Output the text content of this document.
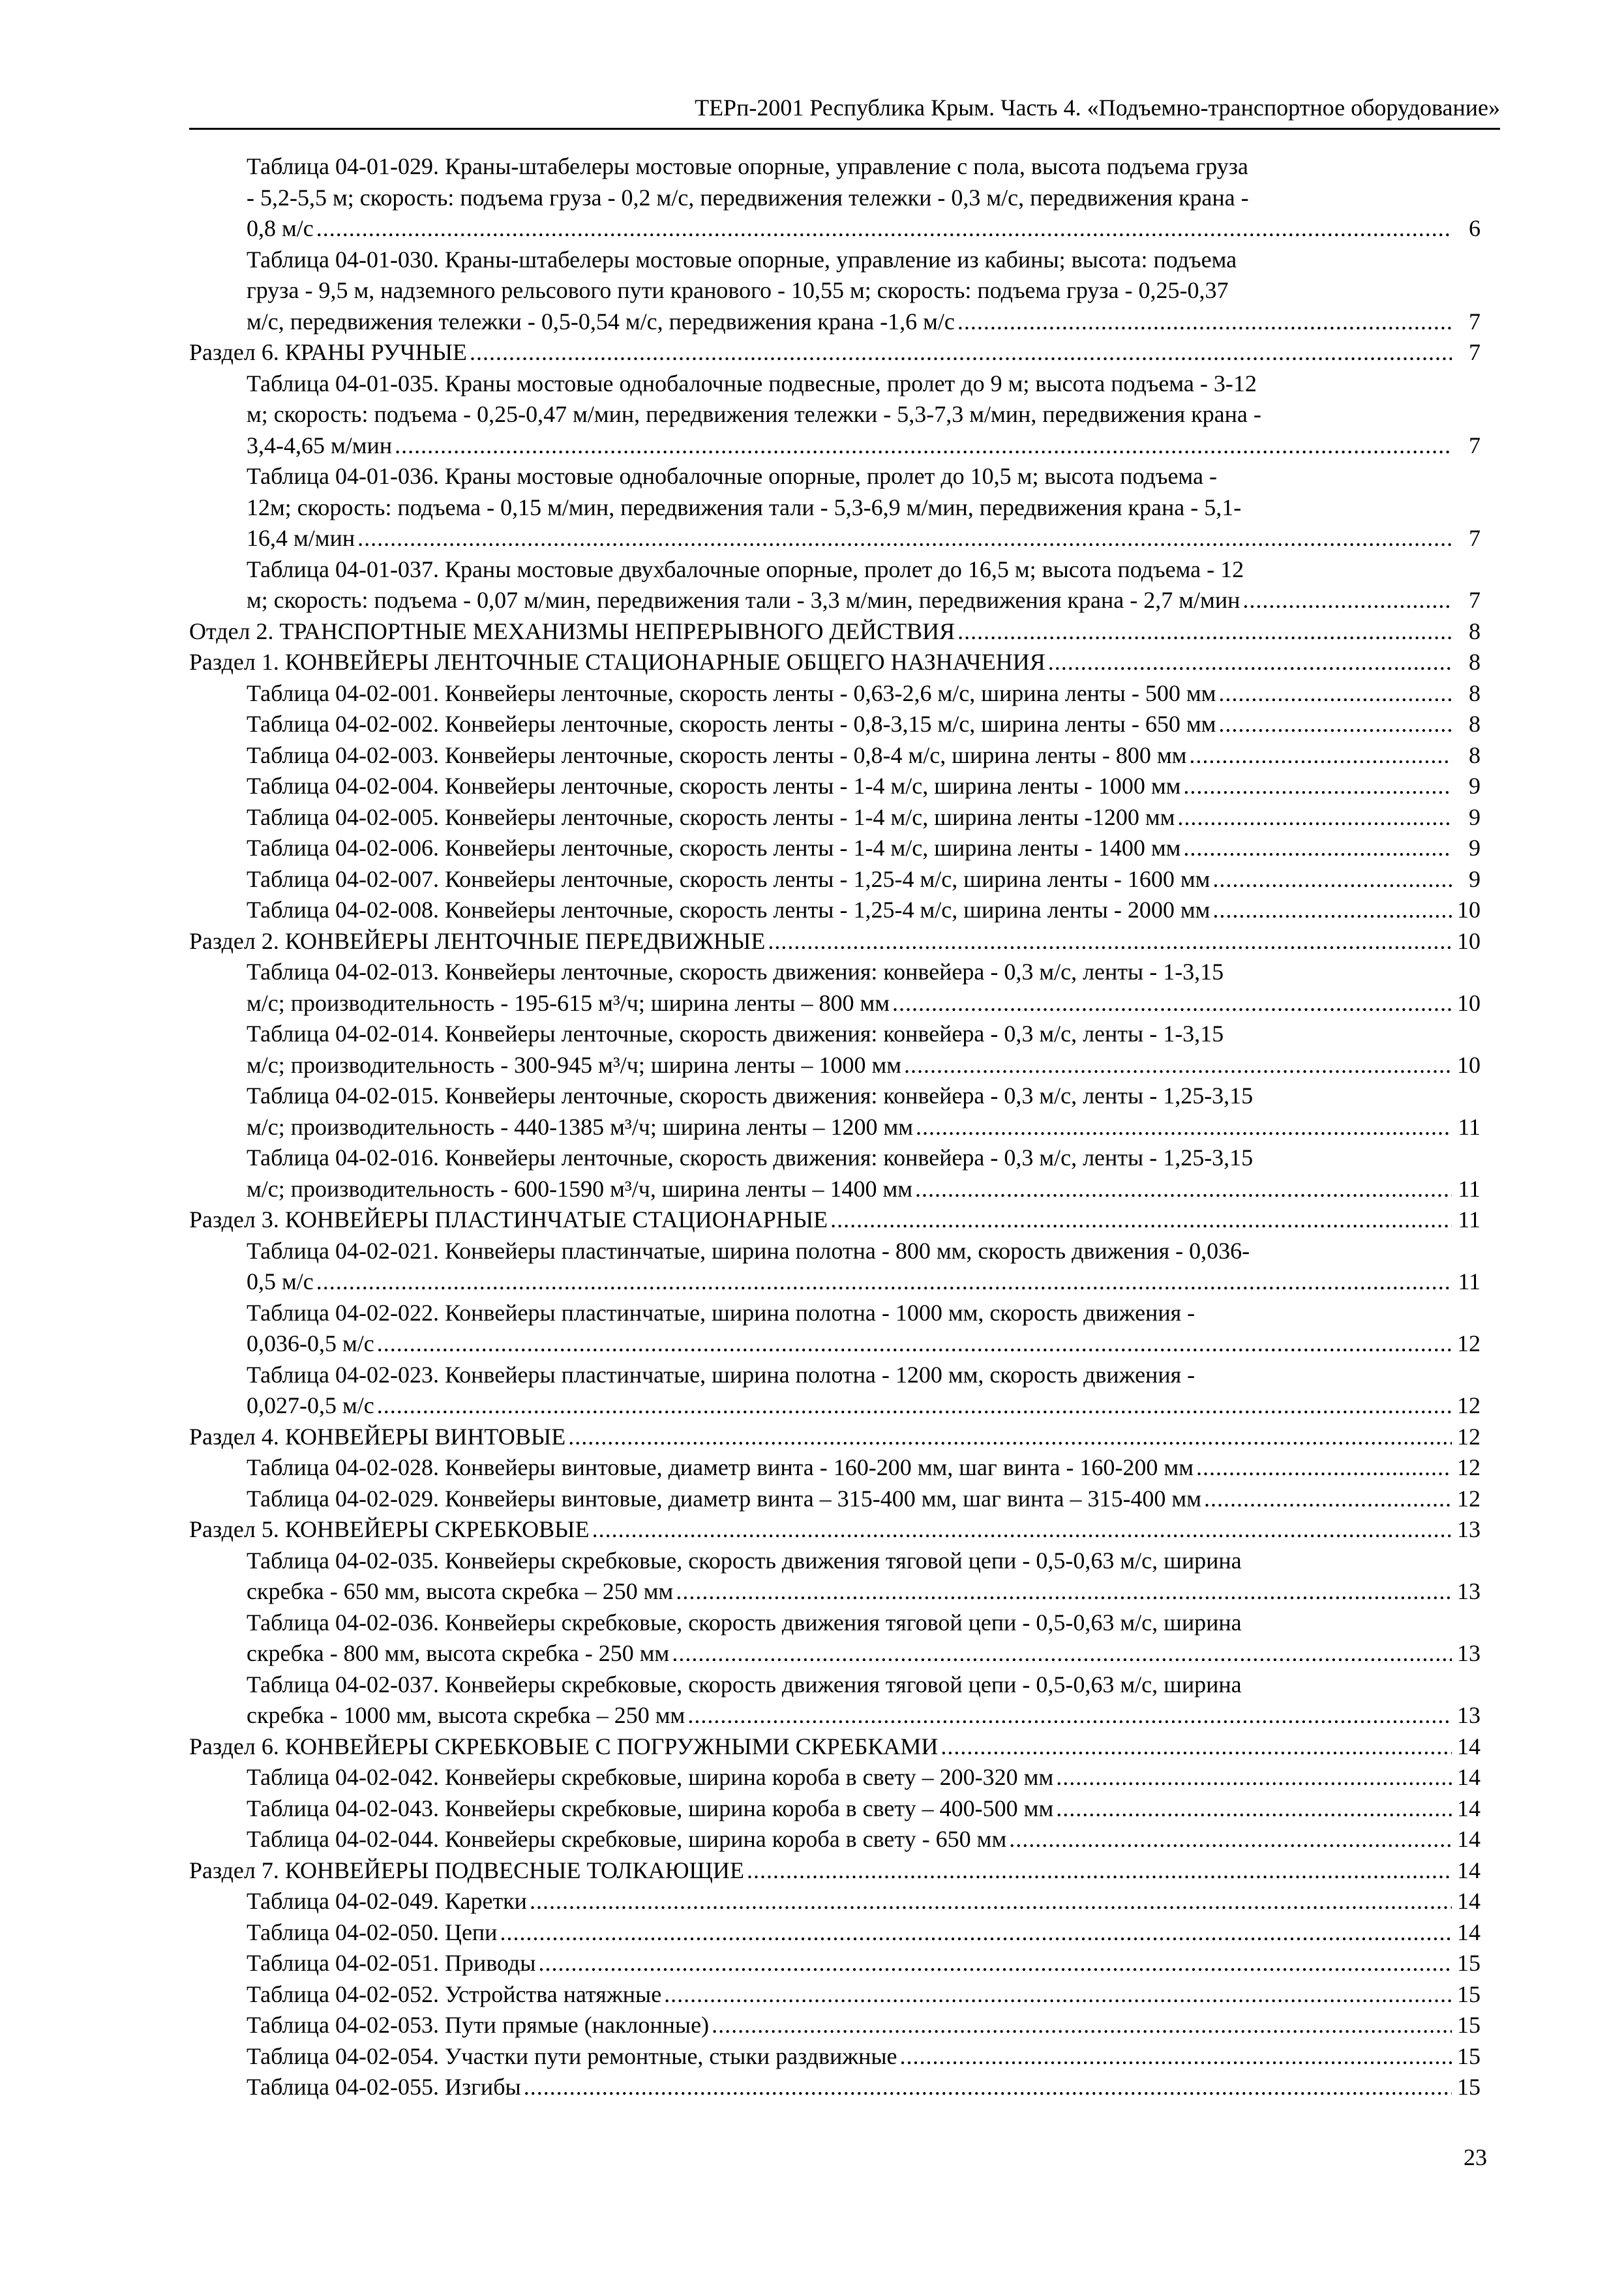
ТЕРп-2001 Республика Крым. Часть 4. «Подъемно-транспортное оборудование»
Таблица 04-01-029. Краны-штабелеры мостовые опорные, управление с пола, высота подъема груза
- 5,2-5,5 м; скорость: подъема груза - 0,2 м/с, передвижения тележки - 0,3 м/с, передвижения крана -
0,8 м/с .....	6
Таблица 04-01-030. Краны-штабелеры мостовые опорные, управление из кабины; высота: подъема
груза - 9,5 м, надземного рельсового пути кранового - 10,55 м; скорость: подъема груза - 0,25-0,37
м/с, передвижения тележки - 0,5-0,54 м/с, передвижения крана -1,6 м/с .....	7
Раздел 6. КРАНЫ РУЧНЫЕ .....	7
Таблица 04-01-035. Краны мостовые однобалочные подвесные, пролет до 9 м; высота подъема - 3-12
м; скорость: подъема - 0,25-0,47 м/мин, передвижения тележки - 5,3-7,3 м/мин, передвижения крана -
3,4-4,65 м/мин .....	7
Таблица 04-01-036. Краны мостовые однобалочные опорные, пролет до 10,5 м; высота подъема -
12м; скорость: подъема - 0,15 м/мин, передвижения тали - 5,3-6,9 м/мин, передвижения крана - 5,1-
16,4 м/мин .....	7
Таблица 04-01-037. Краны мостовые двухбалочные опорные, пролет до 16,5 м; высота подъема - 12
м; скорость: подъема - 0,07 м/мин, передвижения тали - 3,3 м/мин, передвижения крана - 2,7 м/мин .....	7
Отдел 2. ТРАНСПОРТНЫЕ МЕХАНИЗМЫ НЕПРЕРЫВНОГО ДЕЙСТВИЯ .....	8
Раздел 1. КОНВЕЙЕРЫ ЛЕНТОЧНЫЕ СТАЦИОНАРНЫЕ ОБЩЕГО НАЗНАЧЕНИЯ .....	8
Таблица 04-02-001. Конвейеры ленточные, скорость ленты - 0,63-2,6 м/с, ширина ленты - 500 мм .....	8
Таблица 04-02-002. Конвейеры ленточные, скорость ленты - 0,8-3,15 м/с, ширина ленты - 650 мм .....	8
Таблица 04-02-003. Конвейеры ленточные, скорость ленты - 0,8-4 м/с, ширина ленты - 800 мм .....	8
Таблица 04-02-004. Конвейеры ленточные, скорость ленты - 1-4 м/с, ширина ленты - 1000 мм .....	9
Таблица 04-02-005. Конвейеры ленточные, скорость ленты - 1-4 м/с, ширина ленты -1200 мм .....	9
Таблица 04-02-006. Конвейеры ленточные, скорость ленты - 1-4 м/с, ширина ленты - 1400 мм .....	9
Таблица 04-02-007. Конвейеры ленточные, скорость ленты - 1,25-4 м/с, ширина ленты - 1600 мм .....	9
Таблица 04-02-008. Конвейеры ленточные, скорость ленты - 1,25-4 м/с, ширина ленты - 2000 мм .....	10
Раздел 2. КОНВЕЙЕРЫ ЛЕНТОЧНЫЕ ПЕРЕДВИЖНЫЕ .....	10
Таблица 04-02-013. Конвейеры ленточные, скорость движения: конвейера - 0,3 м/с, ленты - 1-3,15
м/с; производительность - 195-615 м³/ч; ширина ленты – 800 мм .....	10
Таблица 04-02-014. Конвейеры ленточные, скорость движения: конвейера - 0,3 м/с, ленты - 1-3,15
м/с; производительность - 300-945 м³/ч; ширина ленты – 1000 мм .....	10
Таблица 04-02-015. Конвейеры ленточные, скорость движения: конвейера - 0,3 м/с, ленты - 1,25-3,15
м/с; производительность - 440-1385 м³/ч; ширина ленты – 1200 мм .....	11
Таблица 04-02-016. Конвейеры ленточные, скорость движения: конвейера - 0,3 м/с, ленты - 1,25-3,15
м/с; производительность - 600-1590 м³/ч, ширина ленты – 1400 мм .....	11
Раздел 3. КОНВЕЙЕРЫ ПЛАСТИНЧАТЫЕ СТАЦИОНАРНЫЕ .....	11
Таблица 04-02-021. Конвейеры пластинчатые, ширина полотна - 800 мм, скорость движения - 0,036-
0,5 м/с .....	11
Таблица 04-02-022. Конвейеры пластинчатые, ширина полотна - 1000 мм, скорость движения -
0,036-0,5 м/с .....	12
Таблица 04-02-023. Конвейеры пластинчатые, ширина полотна - 1200 мм, скорость движения -
0,027-0,5 м/с .....	12
Раздел 4. КОНВЕЙЕРЫ ВИНТОВЫЕ .....	12
Таблица 04-02-028. Конвейеры винтовые, диаметр винта - 160-200 мм, шаг винта - 160-200 мм .....	12
Таблица 04-02-029. Конвейеры винтовые, диаметр винта – 315-400 мм, шаг винта – 315-400 мм .....	12
Раздел 5. КОНВЕЙЕРЫ СКРЕБКОВЫЕ .....	13
Таблица 04-02-035. Конвейеры скребковые, скорость движения тяговой цепи - 0,5-0,63 м/с, ширина
скребка - 650 мм, высота скребка – 250 мм .....	13
Таблица 04-02-036. Конвейеры скребковые, скорость движения тяговой цепи - 0,5-0,63 м/с, ширина
скребка - 800 мм, высота скребка - 250 мм .....	13
Таблица 04-02-037. Конвейеры скребковые, скорость движения тяговой цепи - 0,5-0,63 м/с, ширина
скребка - 1000 мм, высота скребка – 250 мм .....	13
Раздел 6. КОНВЕЙЕРЫ СКРЕБКОВЫЕ С ПОГРУЖНЫМИ СКРЕБКАМИ .....	14
Таблица 04-02-042. Конвейеры скребковые, ширина короба в свету – 200-320 мм .....	14
Таблица 04-02-043. Конвейеры скребковые, ширина короба в свету – 400-500 мм .....	14
Таблица 04-02-044. Конвейеры скребковые, ширина короба в свету - 650 мм .....	14
Раздел 7. КОНВЕЙЕРЫ ПОДВЕСНЫЕ ТОЛКАЮЩИЕ .....	14
Таблица 04-02-049. Каретки .....	14
Таблица 04-02-050. Цепи .....	14
Таблица 04-02-051. Приводы .....	15
Таблица 04-02-052. Устройства натяжные .....	15
Таблица 04-02-053. Пути прямые (наклонные) .....	15
Таблица 04-02-054. Участки пути ремонтные, стыки раздвижные .....	15
Таблица 04-02-055. Изгибы .....	15
23
